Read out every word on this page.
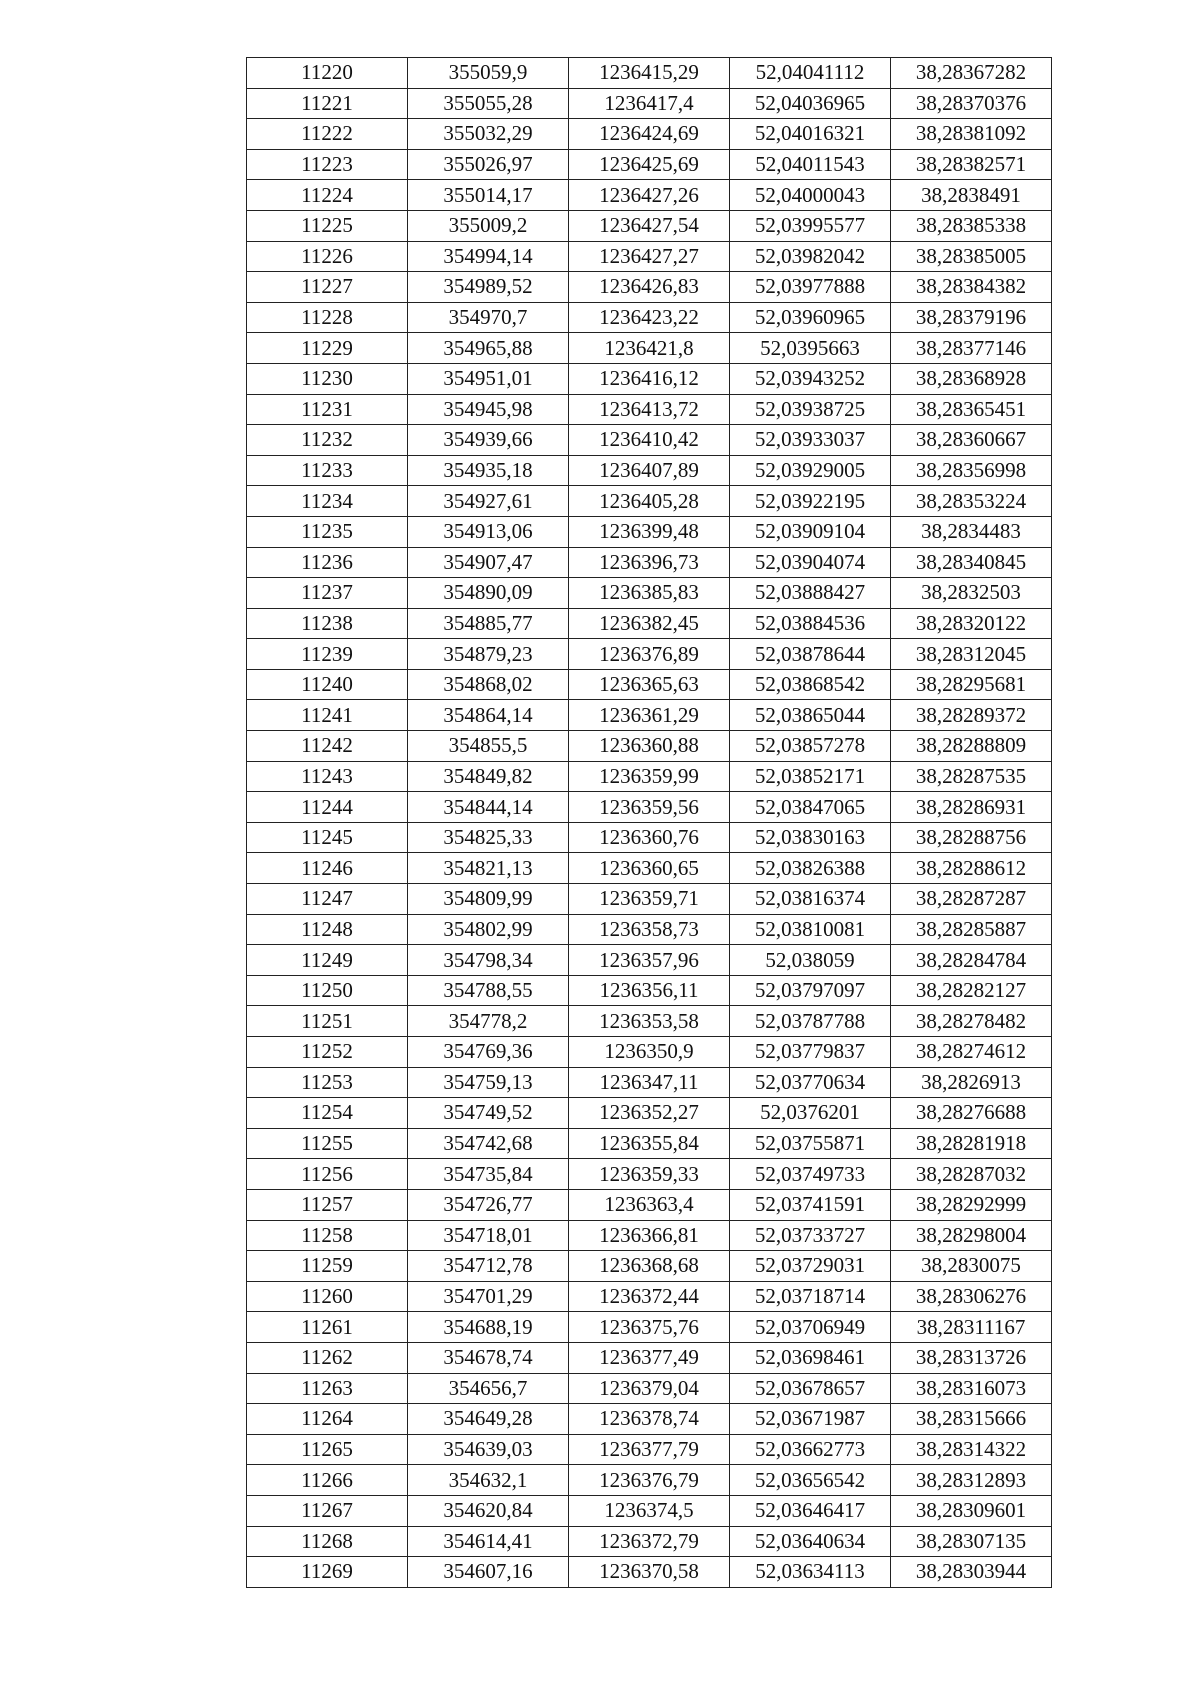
11220	355059,9	1236415,29	52,04041112	38,28367282
11221	355055,28	1236417,4	52,04036965	38,28370376
11222	355032,29	1236424,69	52,04016321	38,28381092
11223	355026,97	1236425,69	52,04011543	38,28382571
11224	355014,17	1236427,26	52,04000043	38,2838491
11225	355009,2	1236427,54	52,03995577	38,28385338
11226	354994,14	1236427,27	52,03982042	38,28385005
11227	354989,52	1236426,83	52,03977888	38,28384382
11228	354970,7	1236423,22	52,03960965	38,28379196
11229	354965,88	1236421,8	52,0395663	38,28377146
11230	354951,01	1236416,12	52,03943252	38,28368928
11231	354945,98	1236413,72	52,03938725	38,28365451
11232	354939,66	1236410,42	52,03933037	38,28360667
11233	354935,18	1236407,89	52,03929005	38,28356998
11234	354927,61	1236405,28	52,03922195	38,28353224
11235	354913,06	1236399,48	52,03909104	38,2834483
11236	354907,47	1236396,73	52,03904074	38,28340845
11237	354890,09	1236385,83	52,03888427	38,2832503
11238	354885,77	1236382,45	52,03884536	38,28320122
11239	354879,23	1236376,89	52,03878644	38,28312045
11240	354868,02	1236365,63	52,03868542	38,28295681
11241	354864,14	1236361,29	52,03865044	38,28289372
11242	354855,5	1236360,88	52,03857278	38,28288809
11243	354849,82	1236359,99	52,03852171	38,28287535
11244	354844,14	1236359,56	52,03847065	38,28286931
11245	354825,33	1236360,76	52,03830163	38,28288756
11246	354821,13	1236360,65	52,03826388	38,28288612
11247	354809,99	1236359,71	52,03816374	38,28287287
11248	354802,99	1236358,73	52,03810081	38,28285887
11249	354798,34	1236357,96	52,038059	38,28284784
11250	354788,55	1236356,11	52,03797097	38,28282127
11251	354778,2	1236353,58	52,03787788	38,28278482
11252	354769,36	1236350,9	52,03779837	38,28274612
11253	354759,13	1236347,11	52,03770634	38,2826913
11254	354749,52	1236352,27	52,0376201	38,28276688
11255	354742,68	1236355,84	52,03755871	38,28281918
11256	354735,84	1236359,33	52,03749733	38,28287032
11257	354726,77	1236363,4	52,03741591	38,28292999
11258	354718,01	1236366,81	52,03733727	38,28298004
11259	354712,78	1236368,68	52,03729031	38,2830075
11260	354701,29	1236372,44	52,03718714	38,28306276
11261	354688,19	1236375,76	52,03706949	38,28311167
11262	354678,74	1236377,49	52,03698461	38,28313726
11263	354656,7	1236379,04	52,03678657	38,28316073
11264	354649,28	1236378,74	52,03671987	38,28315666
11265	354639,03	1236377,79	52,03662773	38,28314322
11266	354632,1	1236376,79	52,03656542	38,28312893
11267	354620,84	1236374,5	52,03646417	38,28309601
11268	354614,41	1236372,79	52,03640634	38,28307135
11269	354607,16	1236370,58	52,03634113	38,28303944
